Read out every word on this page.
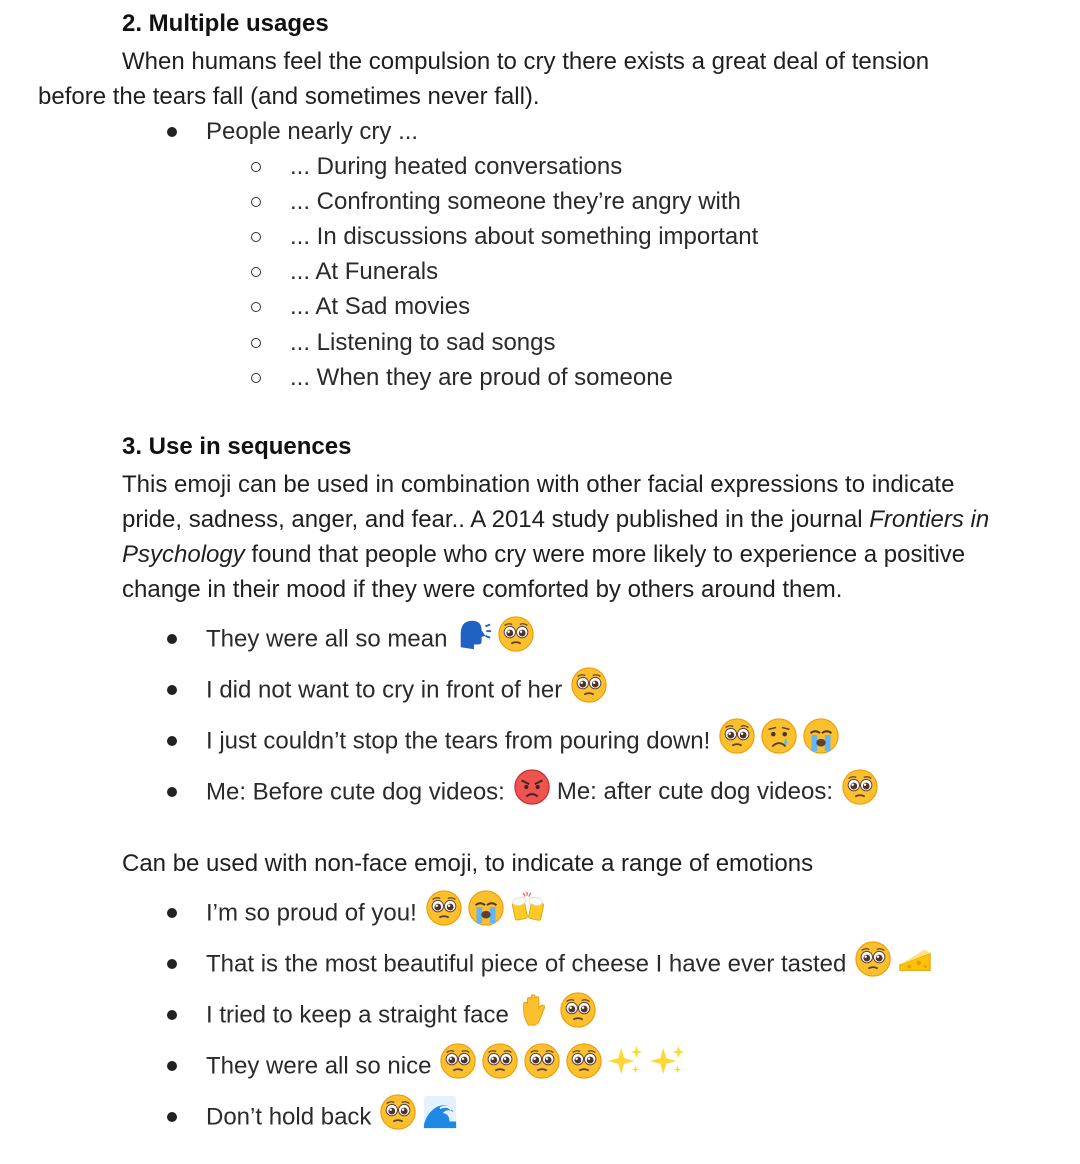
2. Multiple usages
When humans feel the compulsion to cry there exists a great deal of tension
before the tears fall (and sometimes never fall).
People nearly cry ...
... During heated conversations
... Confronting someone they’re angry with
... In discussions about something important
... At Funerals
... At Sad movies
... Listening to sad songs
... When they are proud of someone
3. Use in sequences
This emoji can be used in combination with other facial expressions to indicate
pride, sadness, anger, and fear.. A 2014 study published in the journal Frontiers in
Psychology found that people who cry were more likely to experience a positive
change in their mood if they were comforted by others around them.
They were all so mean
I did not want to cry in front of her
I just couldn’t stop the tears from pouring down!
Me: Before cute dog videos: Me: after cute dog videos:
Can be used with non-face emoji, to indicate a range of emotions
I’m so proud of you!
That is the most beautiful piece of cheese I have ever tasted
I tried to keep a straight face
They were all so nice
Don’t hold back
